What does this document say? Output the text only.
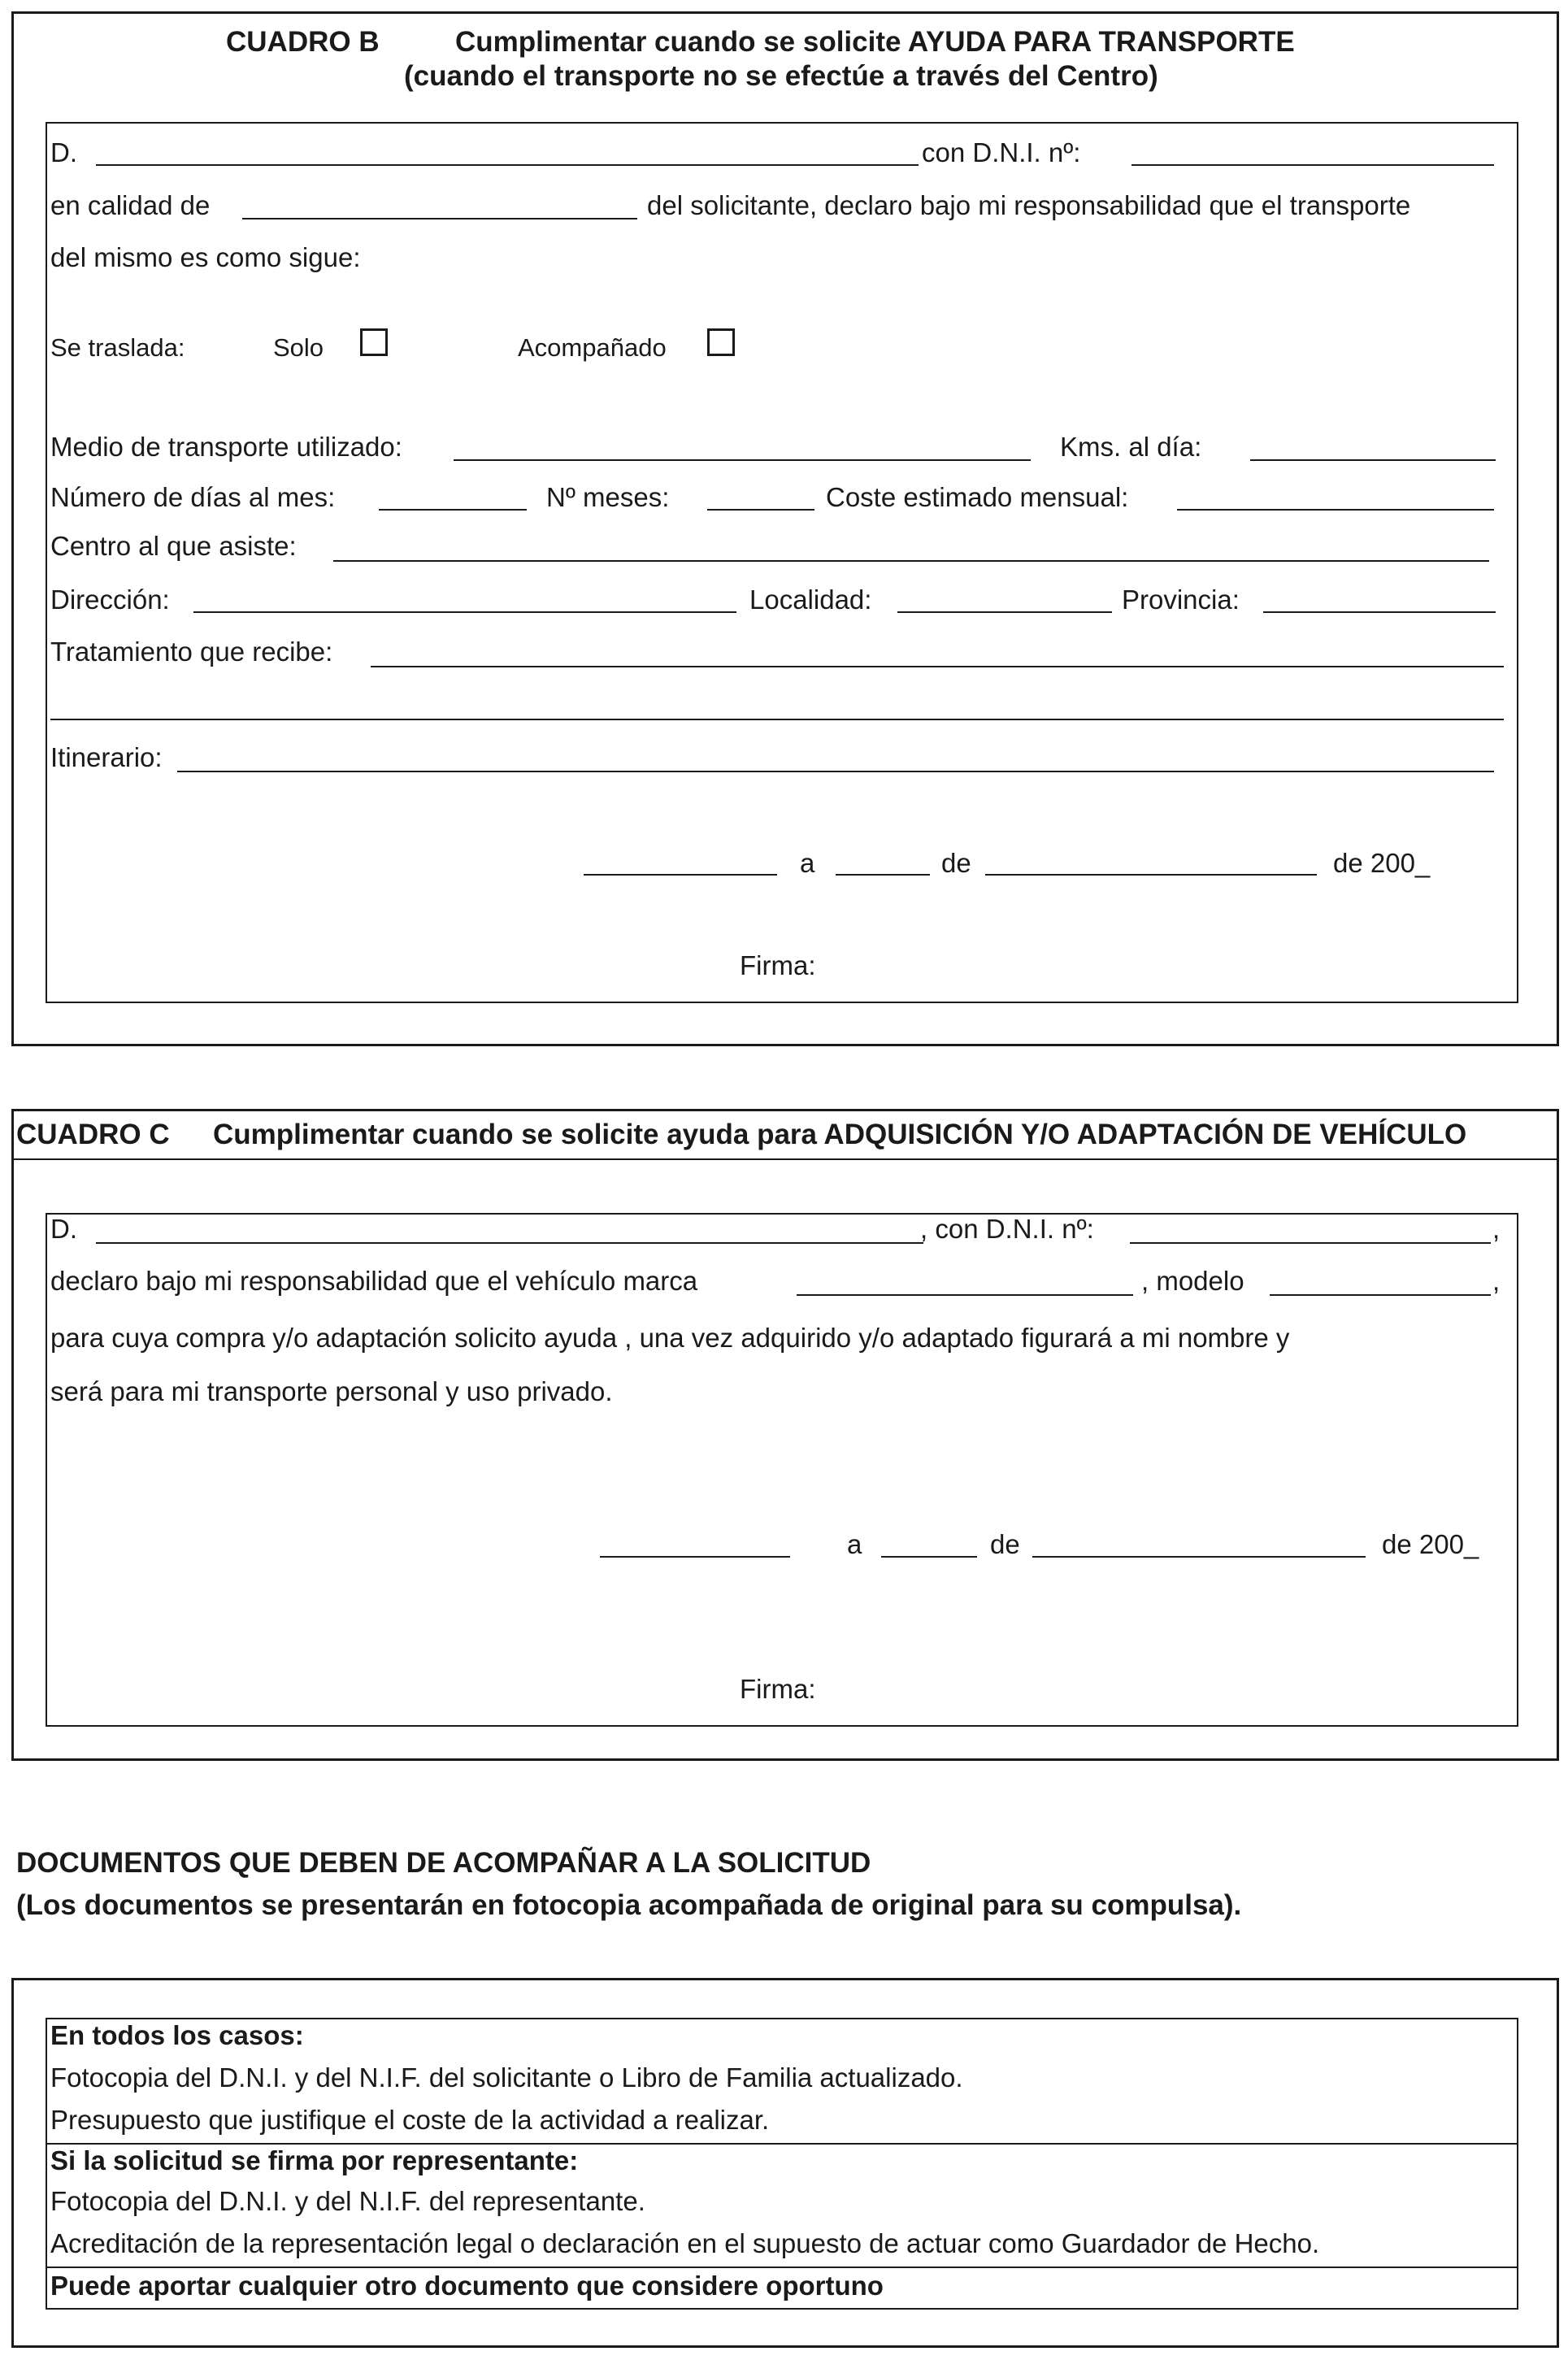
CUADRO B	Cumplimentar cuando se solicite AYUDA PARA TRANSPORTE
(cuando el transporte no se efectúe a través del Centro)
D.	con D.N.I. nº:
en calidad de	del solicitante, declaro bajo mi responsabilidad que el transporte
del mismo es como sigue:
Se traslada:	Solo	Acompañado
Medio de transporte utilizado:	Kms. al día:
Número de días al mes:	Nº meses:	Coste estimado mensual:
Centro al que asiste:
Dirección:	Localidad:	Provincia:
Tratamiento que recibe:
Itinerario:
a	de	de 200_
Firma:
CUADRO C Cumplimentar cuando se solicite ayuda para ADQUISICIÓN Y/O ADAPTACIÓN DE VEHÍCULO
D.	, con D.N.I. nº:	,
declaro bajo mi responsabilidad que el vehículo marca	, modelo	,
para cuya compra y/o adaptación solicito ayuda , una vez adquirido y/o adaptado figurará a mi nombre y
será para mi transporte personal y uso privado.
a	de	de 200_
Firma:
DOCUMENTOS QUE DEBEN DE ACOMPAÑAR A LA SOLICITUD
(Los documentos se presentarán en fotocopia acompañada de original para su compulsa).
En todos los casos:
Fotocopia del D.N.I. y del N.I.F. del solicitante o Libro de Familia actualizado.
Presupuesto que justifique el coste de la actividad a realizar.
Si la solicitud se firma por representante:
Fotocopia del D.N.I. y del N.I.F. del representante.
Acreditación de la representación legal o declaración en el supuesto de actuar como Guardador de Hecho.
Puede aportar cualquier otro documento que considere oportuno
